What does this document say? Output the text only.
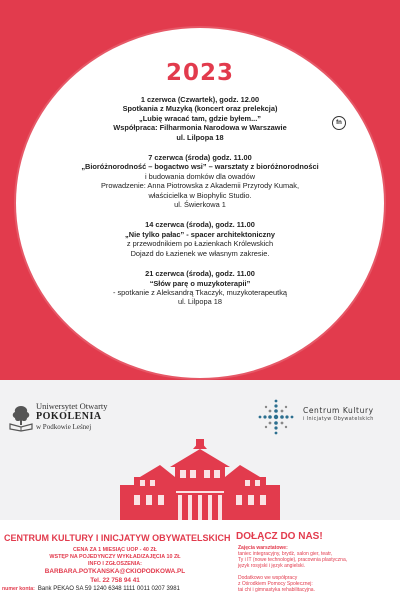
2023
1 czerwca (Czwartek), godz. 12.00
Spotkania z Muzyką (koncert oraz prelekcja)
„Lubię wracać tam, gdzie byłem...”
Współpraca: Filharmonia Narodowa w Warszawie
ul. Lilpopa 18
7 czerwca (środa) godz. 11.00
„Bioróżnorodność – bogactwo wsi” – warsztaty z bioróżnorodności
i budowania domków dla owadów
Prowadzenie: Anna Piotrowska z Akademii Przyrody Kumak,
właścicielka w Biophylic Studio.
ul. Świerkowa 1
14 czerwca (środa), godz. 11.00
„Nie tylko pałac” - spacer architektoniczny
z przewodnikiem po Łazienkach Królewskich
Dojazd do Łazienek we własnym zakresie.
21 czerwca (środa), godz. 11.00
“Słów parę o muzykoterapii”
- spotkanie z Aleksandrą Tkaczyk, muzykoterapeutką
ul. Lilpopa 18
fn
Uniwersytet Otwarty
POKOLENIA
w Podkowie Leśnej
Centrum Kultury
i Inicjatyw Obywatelskich
CENTRUM KULTURY I INICJATYW OBYWATELSKICH
CENA ZA 1 MIESIĄC UOP - 40 ZŁ
WSTĘP NA POJEDYNCZY WYKŁAD/ZAJĘCIA 10 ZŁ
INFO I ZGŁOSZENIA:
BARBARA.POTKANSKA@CKIOPODKOWA.PL
Tel. 22 758 94 41
numer konta: Bank PEKAO SA 59 1240 6348 1111 0011 0207 3981
DOŁĄCZ DO NAS!
Zajęcia warsztatowe:
taniec integracyjny, brydż, salon gier, teatr,
Ty i IT (nowe technologie), pracownia plastyczna,
język rosyjski i język angielski.
Dodatkowo we współpracy
z Ośrodkiem Pomocy Społecznej:
tai chi i gimnastyka rehabilitacyjna.
